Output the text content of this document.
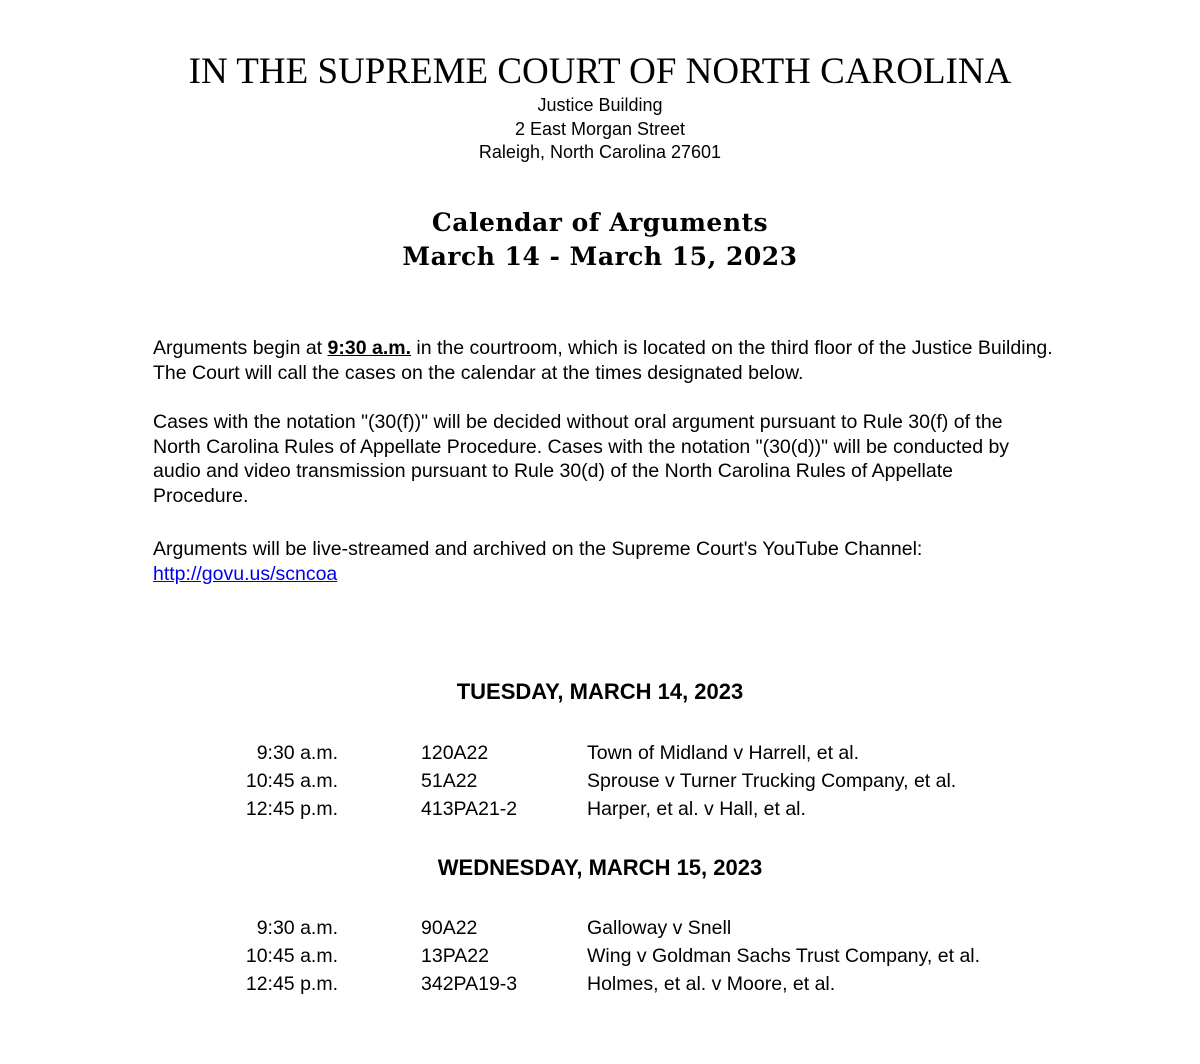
IN THE SUPREME COURT OF NORTH CAROLINA
Justice Building
2 East Morgan Street
Raleigh, North Carolina 27601
Calendar of Arguments
March 14 - March 15, 2023

Arguments begin at 9:30 a.m. in the courtroom, which is located on the third floor of the Justice Building. The Court will call the cases on the calendar at the times designated below.

Cases with the notation "(30(f))" will be decided without oral argument pursuant to Rule 30(f) of the North Carolina Rules of Appellate Procedure. Cases with the notation "(30(d))" will be conducted by audio and video transmission pursuant to Rule 30(d) of the North Carolina Rules of Appellate Procedure.

Arguments will be live-streamed and archived on the Supreme Court's YouTube Channel:
http://govu.us/scncoa

TUESDAY, MARCH 14, 2023
9:30 a.m.	120A22	Town of Midland v Harrell, et al.
10:45 a.m.	51A22	Sprouse v Turner Trucking Company, et al.
12:45 p.m.	413PA21-2	Harper, et al. v Hall, et al.
WEDNESDAY, MARCH 15, 2023
9:30 a.m.	90A22	Galloway v Snell
10:45 a.m.	13PA22	Wing v Goldman Sachs Trust Company, et al.
12:45 p.m.	342PA19-3	Holmes, et al. v Moore, et al.
